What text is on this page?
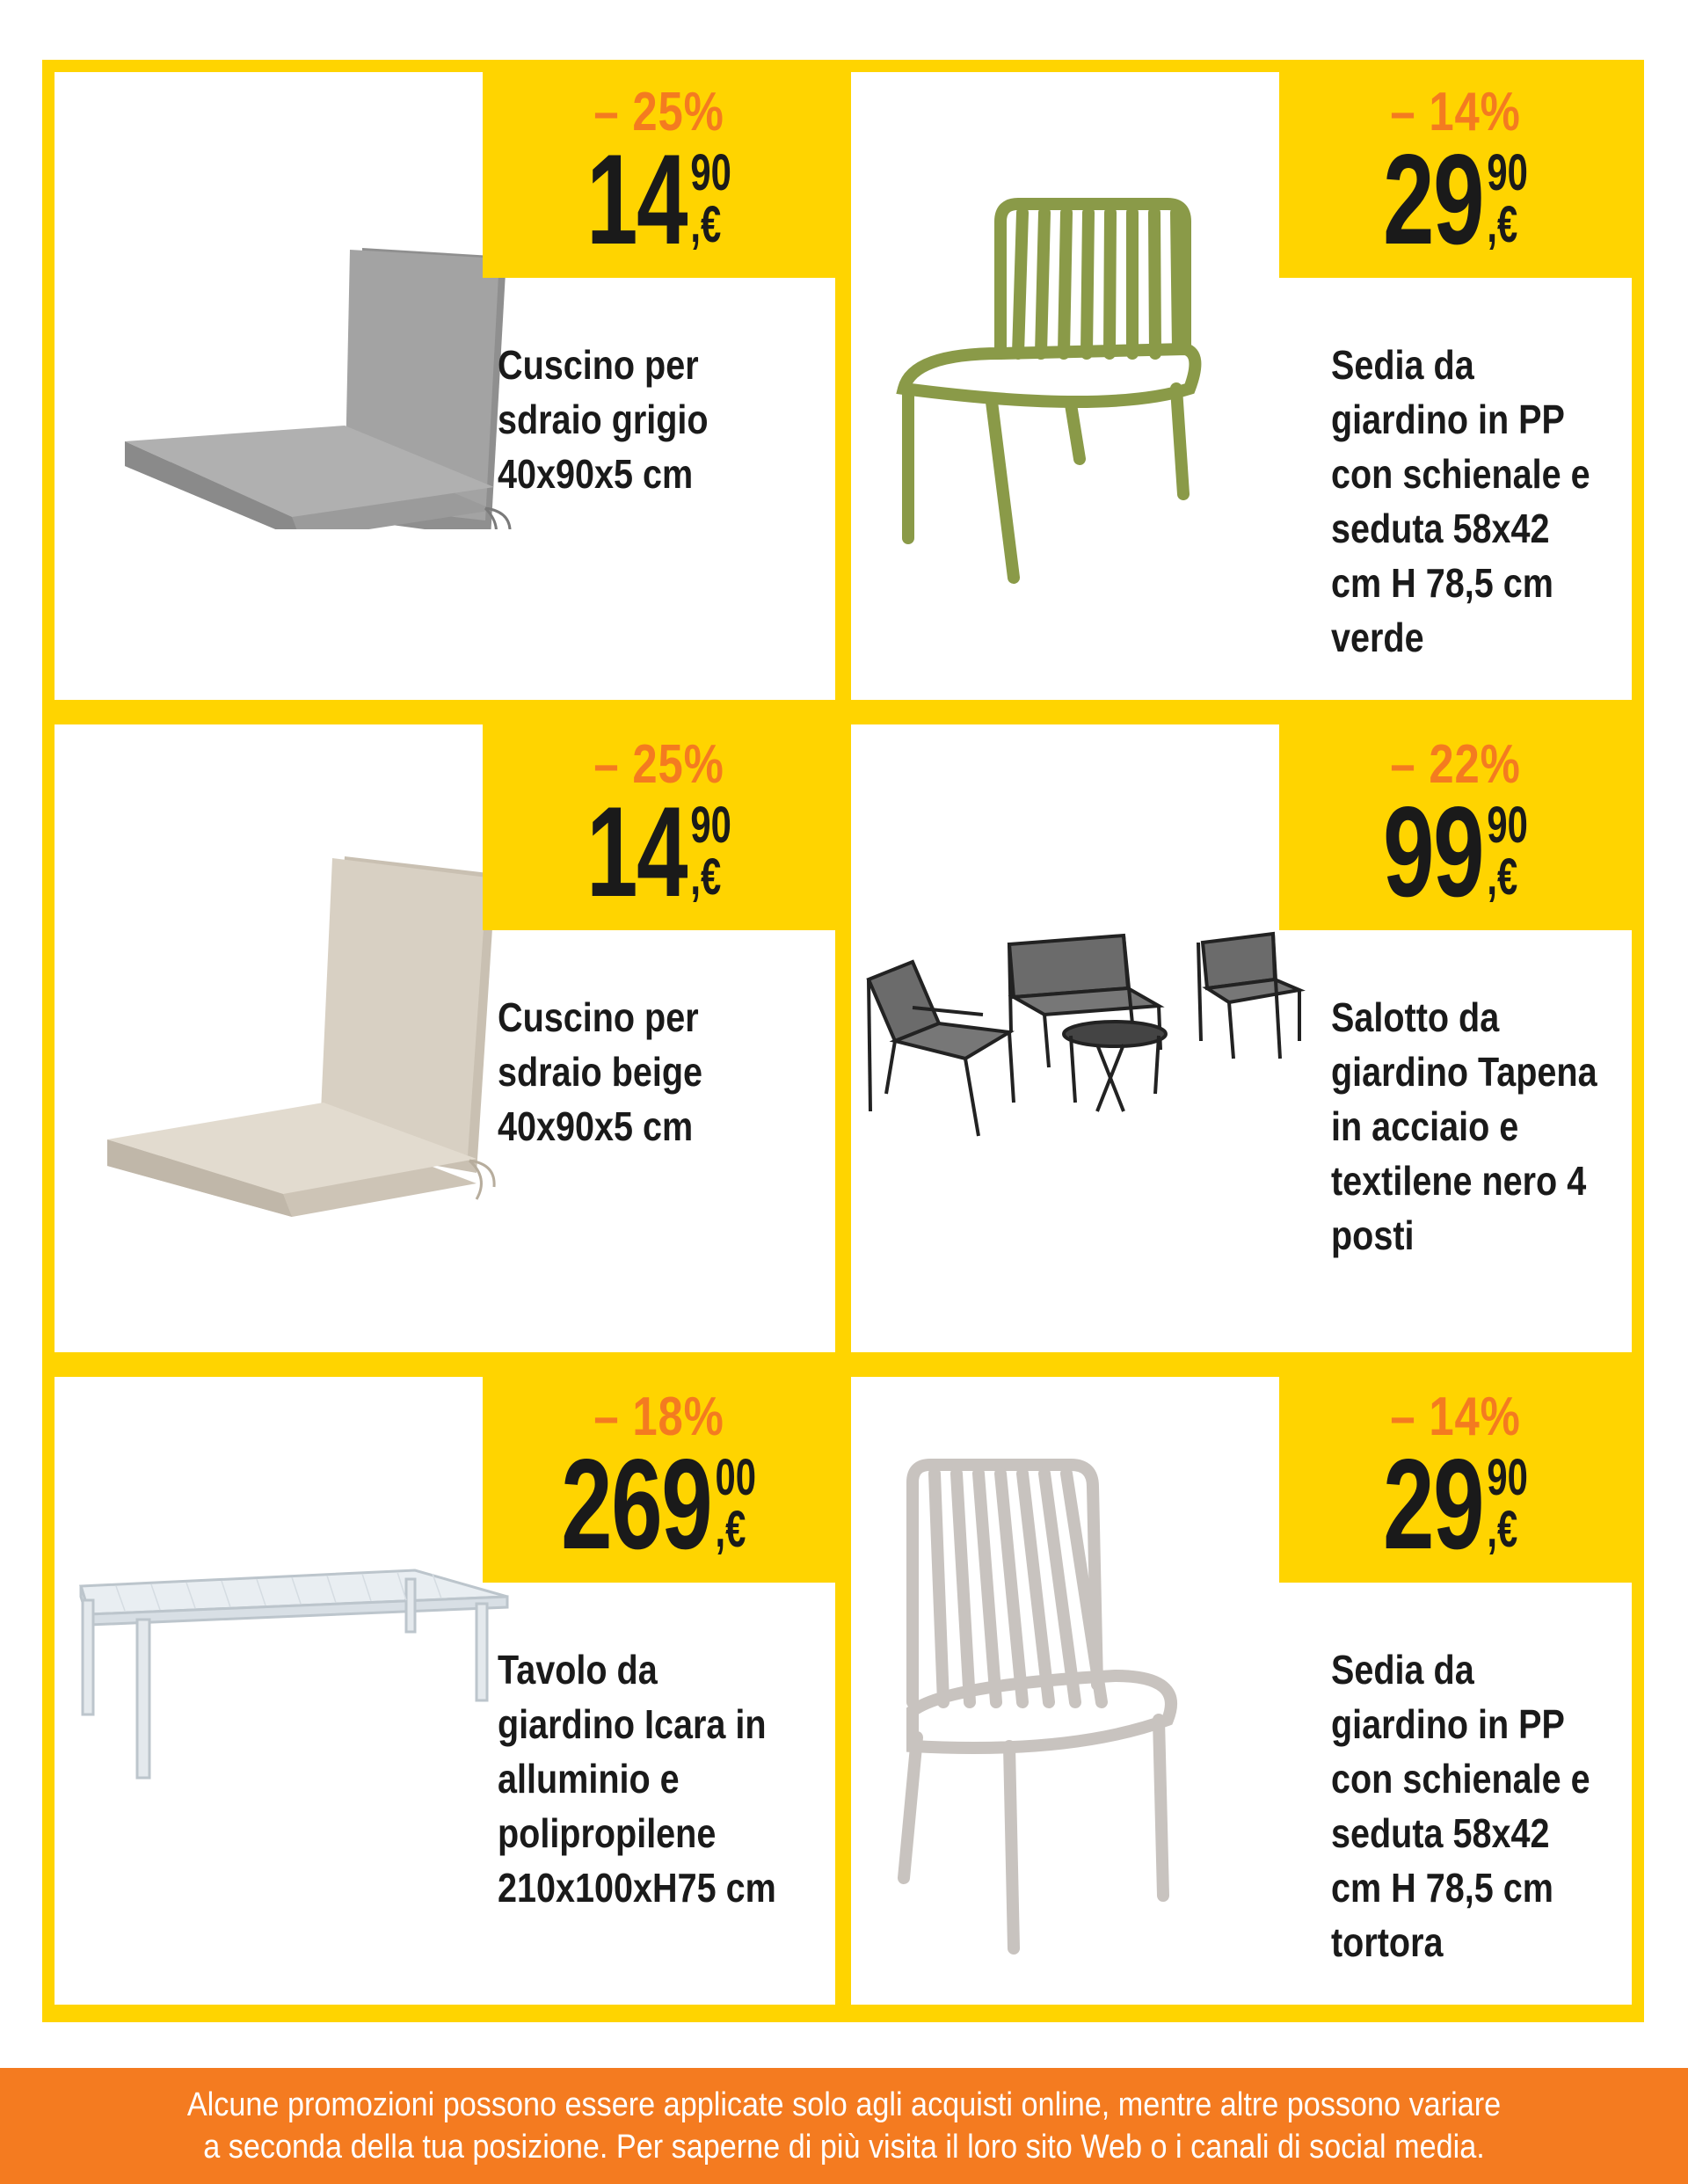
– 25%
14 90
,€
Cuscino per sdraio grigio 40x90x5 cm
– 14%
29 90
,€
Sedia da giardino in PP con schienale e seduta 58x42 cm H 78,5 cm verde
– 25%
14 90
,€
Cuscino per sdraio beige 40x90x5 cm
– 22%
99 90
,€
Salotto da giardino Tapena in acciaio e textilene nero 4 posti
– 18%
269 00
,€
Tavolo da giardino Icara in alluminio e polipropilene 210x100xH75 cm
– 14%
29 90
,€
Sedia da giardino in PP con schienale e seduta 58x42 cm H 78,5 cm tortora
Alcune promozioni possono essere applicate solo agli acquisti online, mentre altre possono variare a seconda della tua posizione. Per saperne di più visita il loro sito Web o i canali di social media.
